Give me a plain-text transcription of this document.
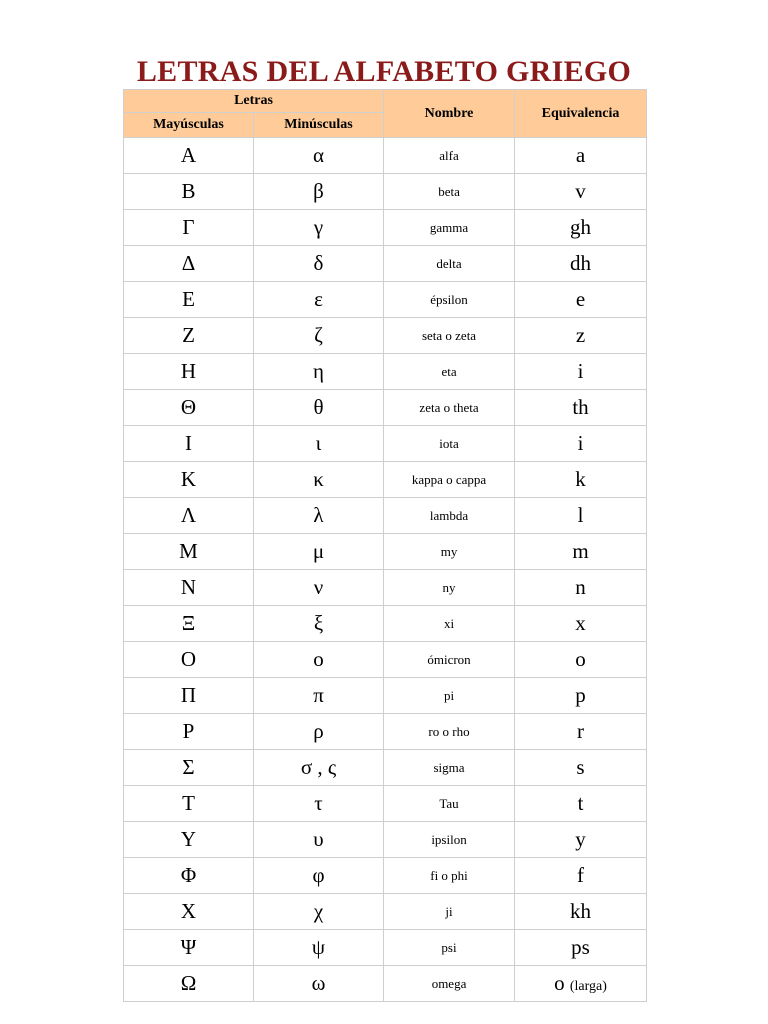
LETRAS DEL ALFABETO GRIEGO
Letras		Nombre	Equivalencia
Mayúsculas	Minúsculas		
Α	α	alfa	a
Β	β	beta	v
Γ	γ	gamma	gh
Δ	δ	delta	dh
Ε	ε	épsilon	e
Ζ	ζ	seta o zeta	z
Η	η	eta	i
Θ	θ	zeta o theta	th
Ι	ι	iota	i
Κ	κ	kappa o cappa	k
Λ	λ	lambda	l
Μ	μ	my	m
Ν	ν	ny	n
Ξ	ξ	xi	x
Ο	ο	ómicron	o
Π	π	pi	p
Ρ	ρ	ro o rho	r
Σ	σ , ς	sigma	s
Τ	τ	Tau	t
Υ	υ	ipsilon	y
Φ	φ	fi o phi	f
Χ	χ	ji	kh
Ψ	ψ	psi	ps
Ω	ω	omega	o (larga)
